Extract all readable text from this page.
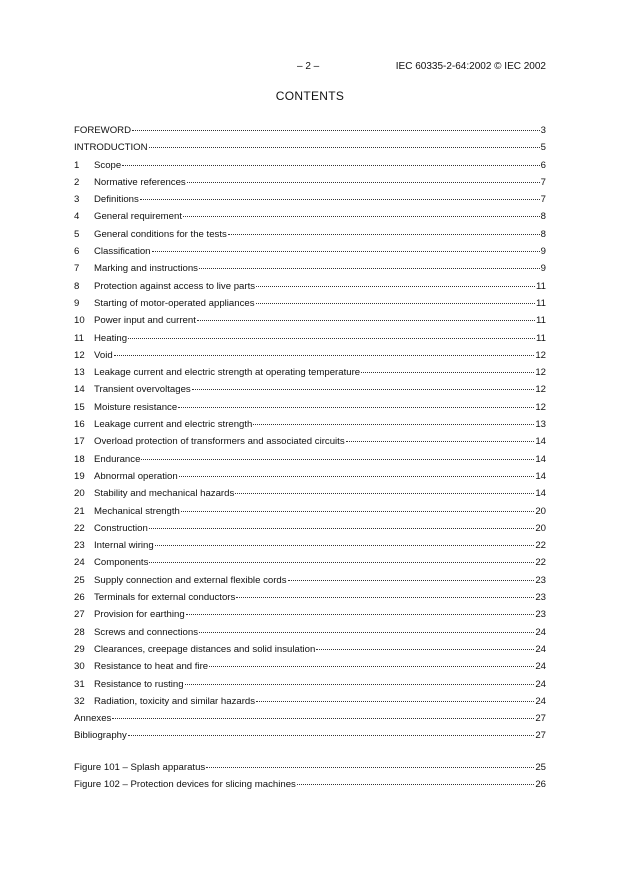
– 2 –	IEC 60335-2-64:2002 © IEC 2002
CONTENTS
FOREWORD	3
INTRODUCTION	5
1	Scope	6
2	Normative references	7
3	Definitions	7
4	General requirement	8
5	General conditions for the tests	8
6	Classification	9
7	Marking and instructions	9
8	Protection against access to live parts	11
9	Starting of motor-operated appliances	11
10 Power input and current	11
11	Heating	11
12 Void	12
13 Leakage current and electric strength at operating temperature	12
14 Transient overvoltages	12
15 Moisture resistance	12
16 Leakage current and electric strength	13
17 Overload protection of transformers and associated circuits	14
18 Endurance	14
19 Abnormal operation	14
20 Stability and mechanical hazards	14
21 Mechanical strength	20
22 Construction	20
23 Internal wiring	22
24 Components	22
25 Supply connection and external flexible cords	23
26 Terminals for external conductors	23
27 Provision for earthing	23
28 Screws and connections	24
29 Clearances, creepage distances and solid insulation	24
30 Resistance to heat and fire	24
31 Resistance to rusting	24
32 Radiation, toxicity and similar hazards	24
Annexes	27
Bibliography	27
Figure 101 – Splash apparatus	25
Figure 102 – Protection devices for slicing machines	26
